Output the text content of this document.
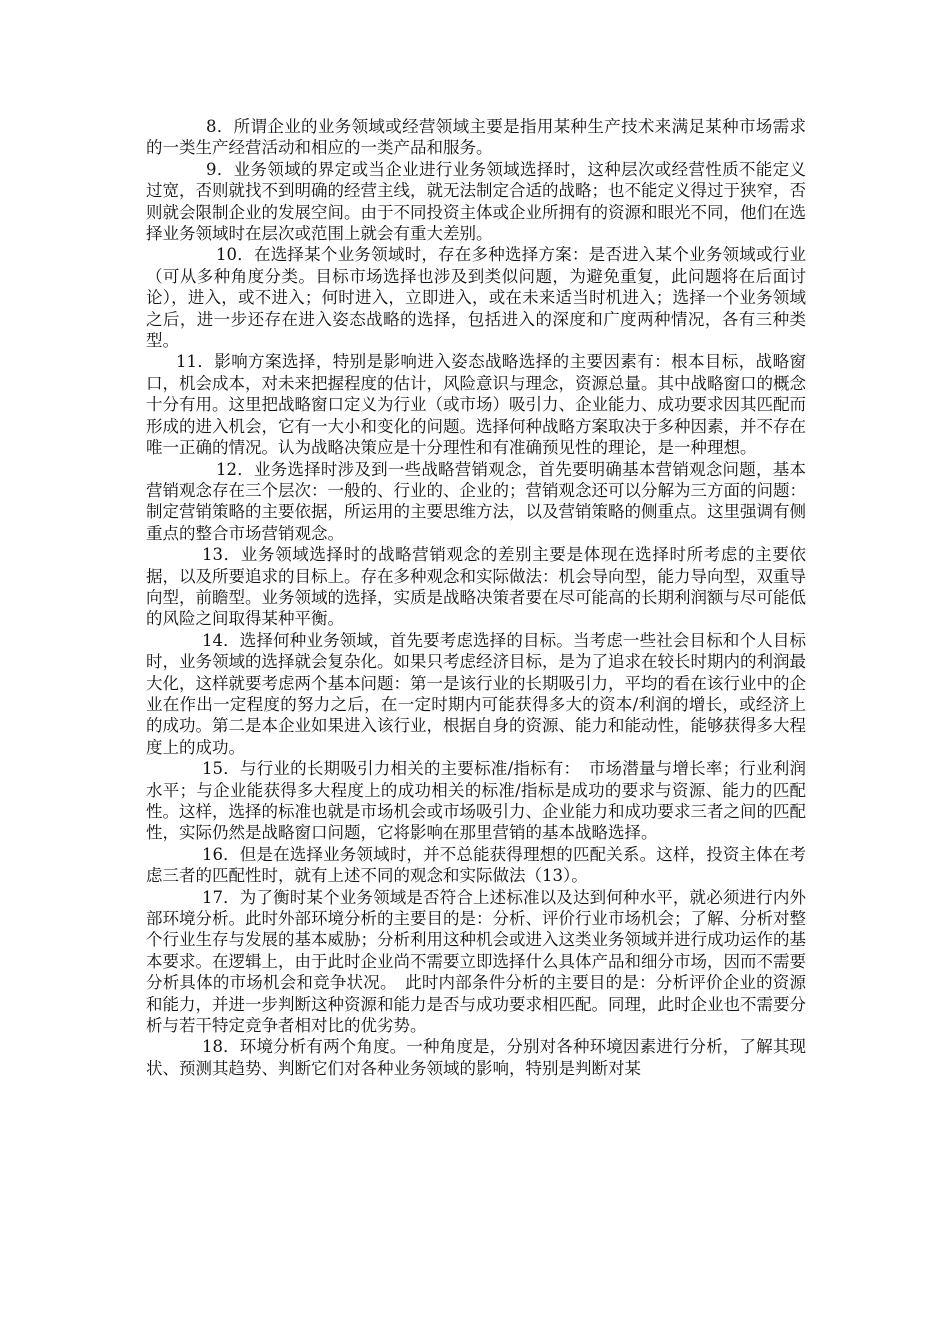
8．所谓企业的业务领域或经营领域主要是指用某种生产技术来满足某种市场需求的一类生产经营活动和相应的一类产品和服务。

9．业务领域的界定或当企业进行业务领域选择时，这种层次或经营性质不能定义过宽，否则就找不到明确的经营主线，就无法制定合适的战略；也不能定义得过于狭窄，否则就会限制企业的发展空间。由于不同投资主体或企业所拥有的资源和眼光不同，他们在选择业务领域时在层次或范围上就会有重大差别。

10．在选择某个业务领域时，存在多种选择方案：是否进入某个业务领域或行业（可从多种角度分类。目标市场选择也涉及到类似问题，为避免重复，此问题将在后面讨论），进入，或不进入；何时进入，立即进入，或在未来适当时机进入；选择一个业务领域之后，进一步还存在进入姿态战略的选择，包括进入的深度和广度两种情况，各有三种类型。

11．影响方案选择，特别是影响进入姿态战略选择的主要因素有：根本目标，战略窗口，机会成本，对未来把握程度的估计，风险意识与理念，资源总量。其中战略窗口的概念十分有用。这里把战略窗口定义为行业（或市场）吸引力、企业能力、成功要求因其匹配而形成的进入机会，它有一大小和变化的问题。选择何种战略方案取决于多种因素，并不存在唯一正确的情况。认为战略决策应是十分理性和有准确预见性的理论，是一种理想。

12．业务选择时涉及到一些战略营销观念，首先要明确基本营销观念问题，基本营销观念存在三个层次：一般的、行业的、企业的；营销观念还可以分解为三方面的问题：制定营销策略的主要依据，所运用的主要思维方法，以及营销策略的侧重点。这里强调有侧重点的整合市场营销观念。

13．业务领域选择时的战略营销观念的差别主要是体现在选择时所考虑的主要依据，以及所要追求的目标上。存在多种观念和实际做法：机会导向型，能力导向型，双重导向型，前瞻型。业务领域的选择，实质是战略决策者要在尽可能高的长期利润额与尽可能低的风险之间取得某种平衡。

14．选择何种业务领域，首先要考虑选择的目标。当考虑一些社会目标和个人目标时，业务领域的选择就会复杂化。如果只考虑经济目标，是为了追求在较长时期内的利润最大化，这样就要考虑两个基本问题：第一是该行业的长期吸引力，平均的看在该行业中的企业在作出一定程度的努力之后，在一定时期内可能获得多大的资本/利润的增长，或经济上的成功。第二是本企业如果进入该行业，根据自身的资源、能力和能动性，能够获得多大程度上的成功。

15．与行业的长期吸引力相关的主要标准/指标有：　市场潜量与增长率；行业利润水平；与企业能获得多大程度上的成功相关的标准/指标是成功的要求与资源、能力的匹配性。这样，选择的标准也就是市场机会或市场吸引力、企业能力和成功要求三者之间的匹配性，实际仍然是战略窗口问题，它将影响在那里营销的基本战略选择。

16．但是在选择业务领域时，并不总能获得理想的匹配关系。这样，投资主体在考虑三者的匹配性时，就有上述不同的观念和实际做法（13）。

17．为了衡时某个业务领域是否符合上述标准以及达到何种水平，就必须进行内外部环境分析。此时外部环境分析的主要目的是：分析、评价行业市场机会；了解、分析对整个行业生存与发展的基本威胁；分析利用这种机会或进入这类业务领域并进行成功运作的基本要求。在逻辑上，由于此时企业尚不需要立即选择什么具体产品和细分市场，因而不需要分析具体的市场机会和竞争状况。　此时内部条件分析的主要目的是：分析评价企业的资源和能力，并进一步判断这种资源和能力是否与成功要求相匹配。同理，此时企业也不需要分析与若干特定竞争者相对比的优劣势。

18．环境分析有两个角度。一种角度是，分别对各种环境因素进行分析，了解其现状、预测其趋势、判断它们对各种业务领域的影响，特别是判断对某
